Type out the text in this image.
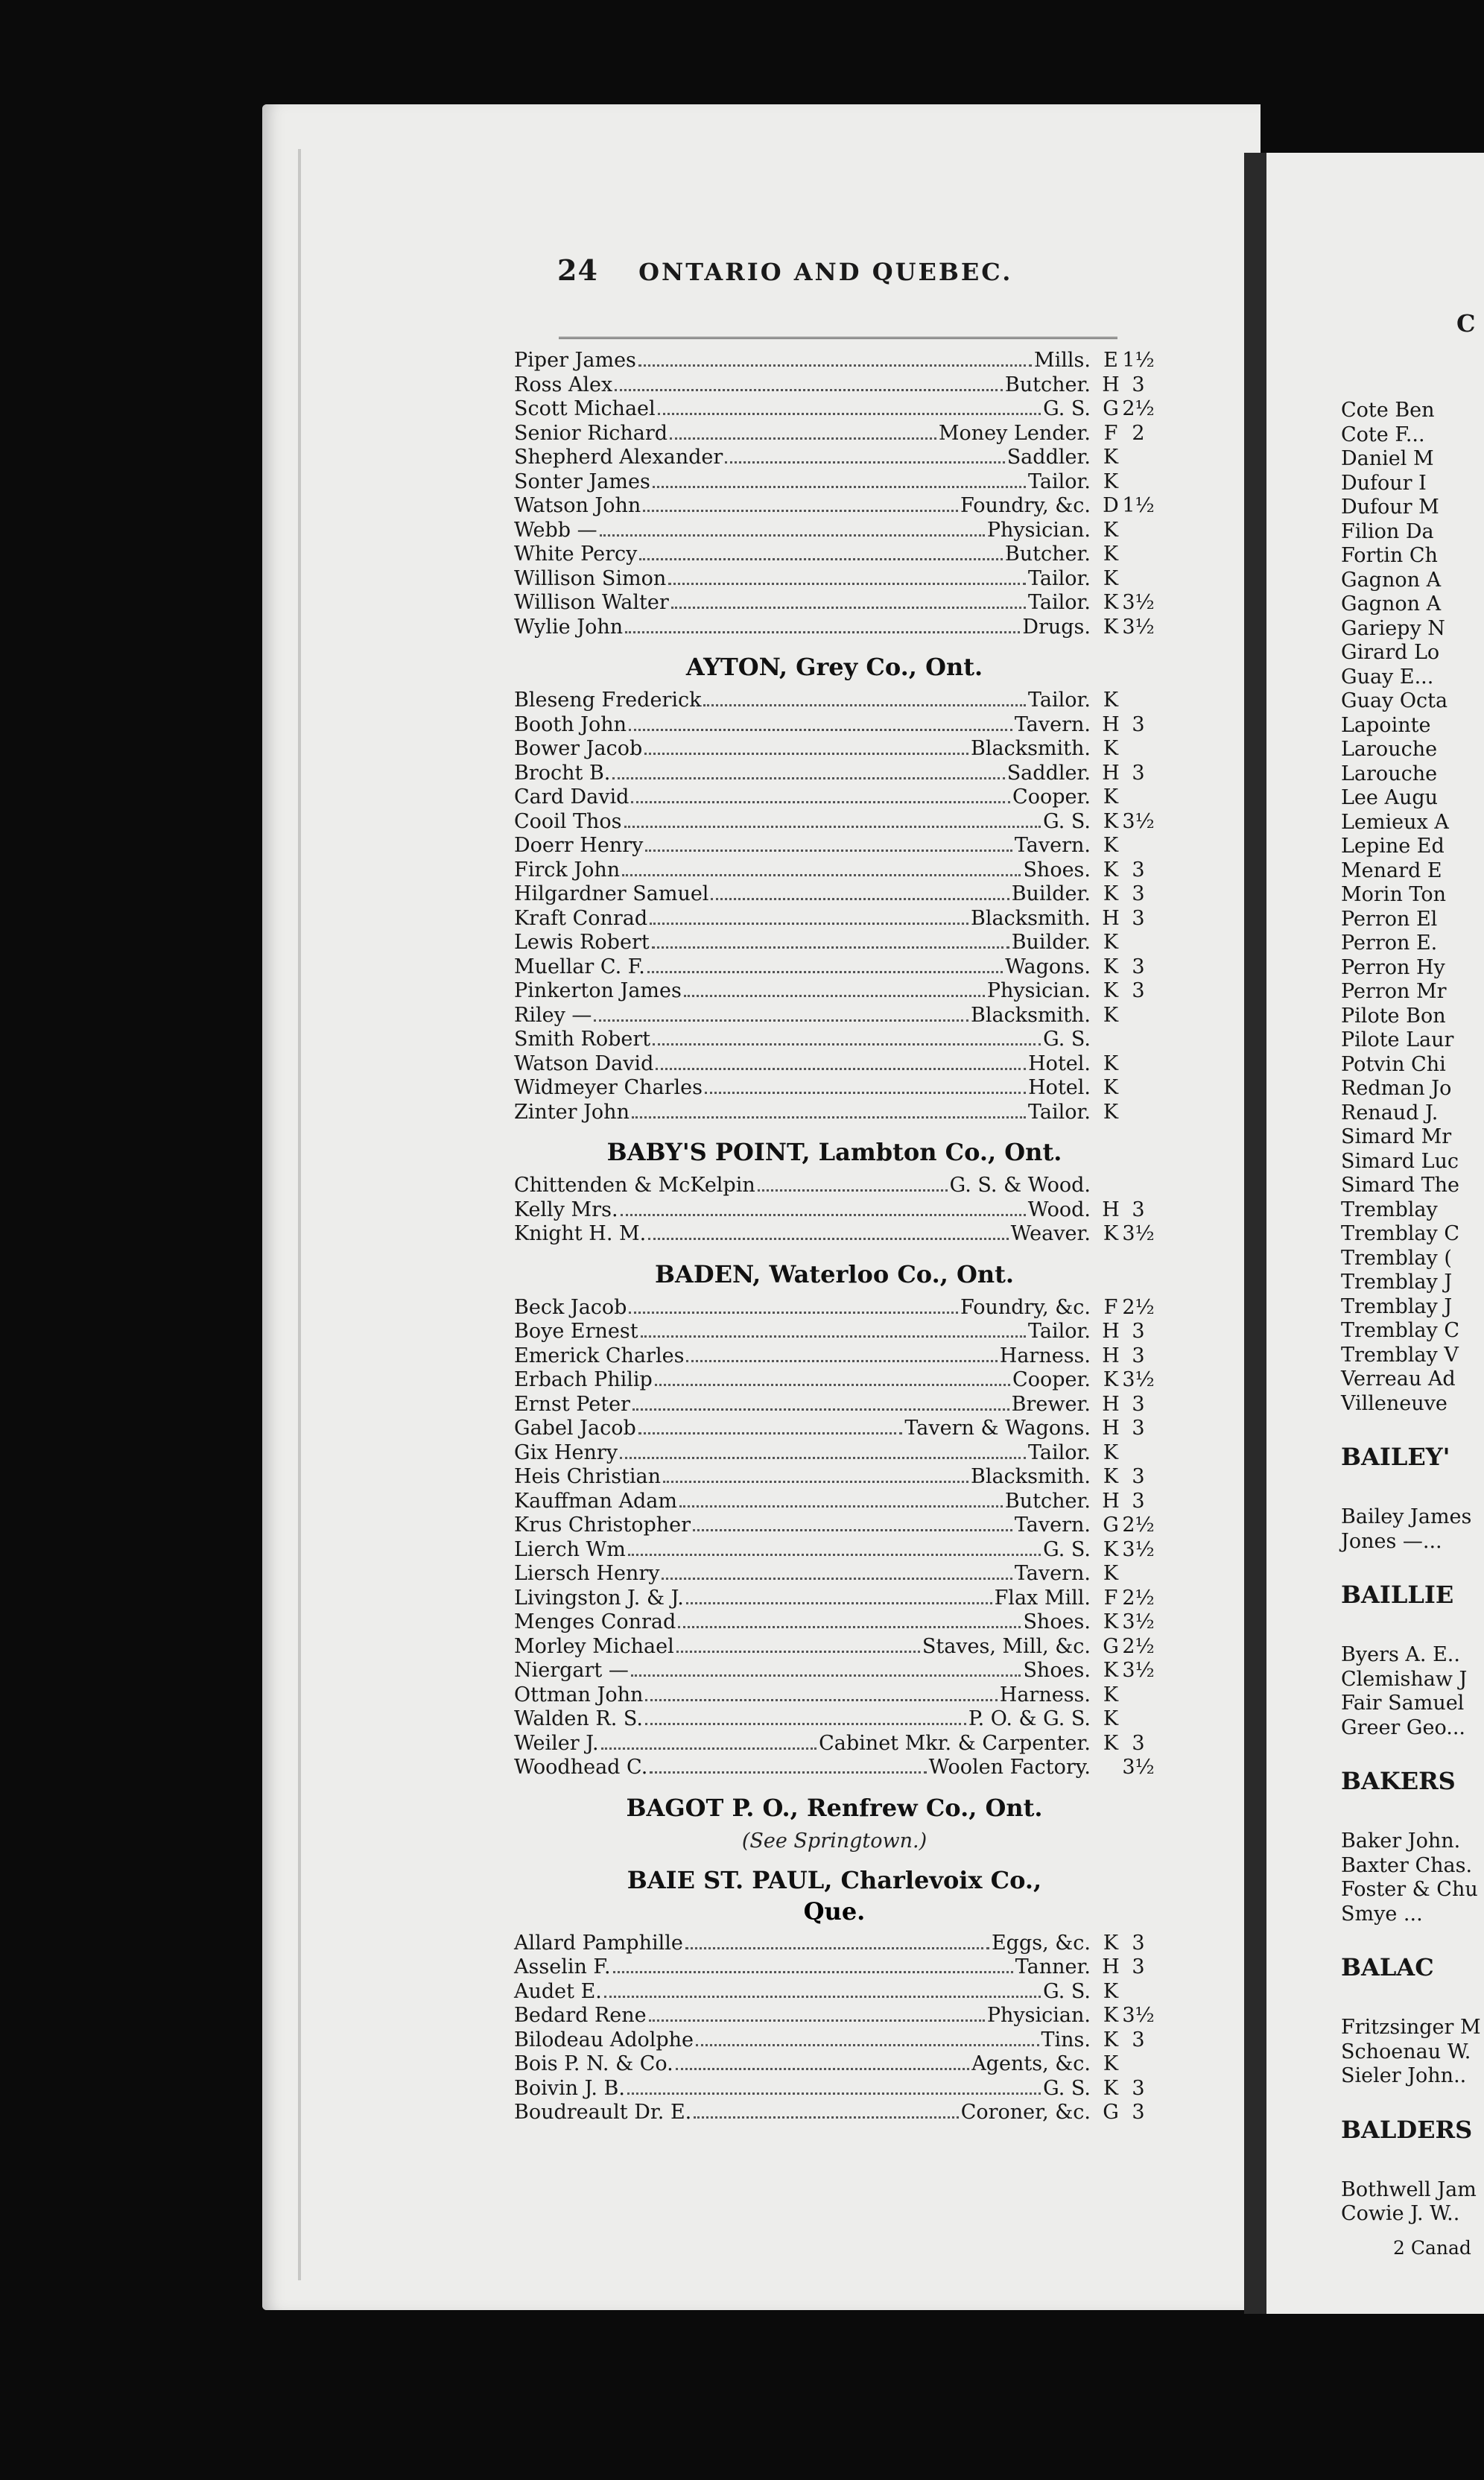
24 ONTARIO AND QUEBEC.
Piper James	Mills. E 1½
Ross Alex	Butcher. H 3
Scott Michael	G. S. G 2½
Senior Richard	Money Lender. F 2
Shepherd Alexander	Saddler. K
Sonter James	Tailor. K
Watson John	Foundry, &c. D 1½
Webb —	Physician. K
White Percy	Butcher. K
Willison Simon	Tailor. K
Willison Walter	Tailor. K 3½
Wylie John	Drugs. K 3½
AYTON, Grey Co., Ont.
Bleseng Frederick	Tailor. K
Booth John	Tavern. H 3
Bower Jacob	Blacksmith. K
Brocht B.	Saddler. H 3
Card David	Cooper. K
Cooil Thos	G. S. K 3½
Doerr Henry	Tavern. K
Firck John	Shoes. K 3
Hilgardner Samuel	Builder. K 3
Kraft Conrad	Blacksmith. H 3
Lewis Robert	Builder. K
Muellar C. F.	Wagons. K 3
Pinkerton James	Physician. K 3
Riley —	Blacksmith. K
Smith Robert	G. S.
Watson David	Hotel. K
Widmeyer Charles	Hotel. K
Zinter John	Tailor. K
BABY'S POINT, Lambton Co., Ont.
Chittenden & McKelpin	G. S. & Wood.
Kelly Mrs.	Wood. H 3
Knight H. M.	Weaver. K 3½
BADEN, Waterloo Co., Ont.
Beck Jacob	Foundry, &c. F 2½
Boye Ernest	Tailor. H 3
Emerick Charles	Harness. H 3
Erbach Philip	Cooper. K 3½
Ernst Peter	Brewer. H 3
Gabel Jacob	Tavern & Wagons. H 3
Gix Henry	Tailor. K
Heis Christian	Blacksmith. K 3
Kauffman Adam	Butcher. H 3
Krus Christopher	Tavern. G 2½
Lierch Wm	G. S. K 3½
Liersch Henry	Tavern. K
Livingston J. & J.	Flax Mill. F 2½
Menges Conrad	Shoes. K 3½
Morley Michael	Staves, Mill, &c. G 2½
Niergart —	Shoes. K 3½
Ottman John	Harness. K
Walden R. S.	P. O. & G. S. K
Weiler J.	Cabinet Mkr. & Carpenter. K 3
Woodhead C.	Woolen Factory. 3½
BAGOT P. O., Renfrew Co., Ont.
(See Springtown.)
BAIE ST. PAUL, Charlevoix Co.,
Que.
Allard Pamphille	Eggs, &c. K 3
Asselin F.	Tanner. H 3
Audet E.	G. S. K
Bedard Rene	Physician. K 3½
Bilodeau Adolphe	Tins. K 3
Bois P. N. & Co.	Agents, &c. K
Boivin J. B.	G. S. K 3
Boudreault Dr. E.	Coroner, &c. G 3
C
Cote Ben
Cote F...
Daniel M
Dufour I
Dufour M
Filion Da
Fortin Ch
Gagnon A
Gagnon A
Gariepy N
Girard Lo
Guay E...
Guay Octa
Lapointe
Larouche
Larouche
Lee Augu
Lemieux A
Lepine Ed
Menard E
Morin Ton
Perron El
Perron E.
Perron Hy
Perron Mr
Pilote Bon
Pilote Laur
Potvin Chi
Redman Jo
Renaud J.
Simard Mr
Simard Luc
Simard The
Tremblay
Tremblay C
Tremblay (
Tremblay J
Tremblay J
Tremblay C
Tremblay V
Verreau Ad
Villeneuve
BAILEY'
Bailey James
Jones —...
BAILLIE
Byers A. E..
Clemishaw J
Fair Samuel
Greer Geo...
BAKERS
Baker John.
Baxter Chas.
Foster & Chu
Smye ...
BALAC
Fritzsinger M
Schoenau W.
Sieler John..
BALDERS
Bothwell Jam
Cowie J. W..
2 Canad
